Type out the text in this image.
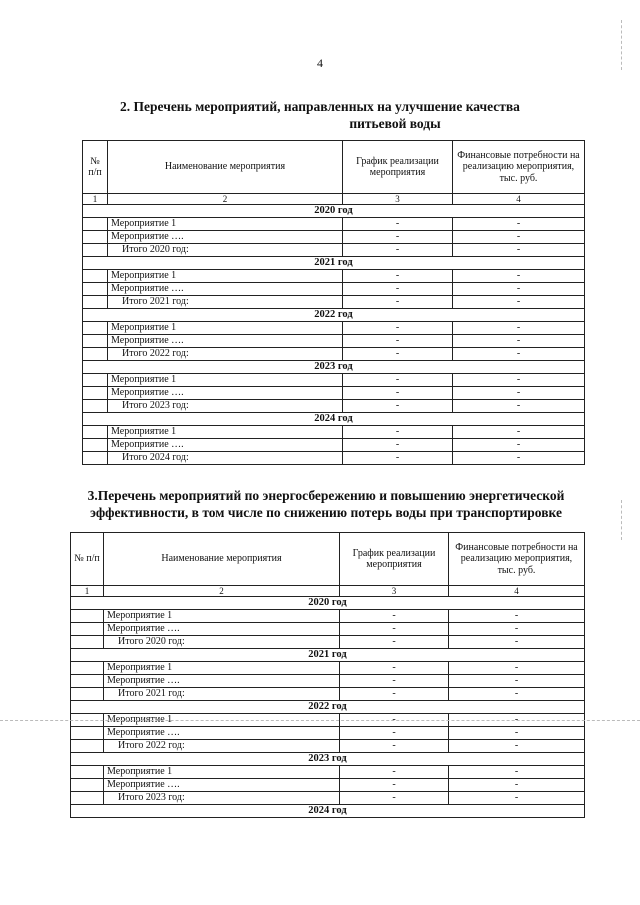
4
2. Перечень мероприятий, направленных на улучшение качества
питьевой воды
№ п/п	Наименование мероприятия	График реализации мероприятия	Финансовые потребности на реализацию мероприятия, тыс. руб.
1	2	3	4
2020 год			
	Мероприятие 1	-	-
	Мероприятие ….	-	-
	Итого 2020 год:	-	-
2021 год			
	Мероприятие 1	-	-
	Мероприятие ….	-	-
	Итого 2021 год:	-	-
2022 год			
	Мероприятие 1	-	-
	Мероприятие ….	-	-
	Итого 2022 год:	-	-
2023 год			
	Мероприятие 1	-	-
	Мероприятие ….	-	-
	Итого 2023 год:	-	-
2024 год			
	Мероприятие 1	-	-
	Мероприятие ….	-	-
	Итого 2024 год:	-	-
3.Перечень мероприятий по энергосбережению и повышению энергетической
эффективности, в том числе по снижению потерь воды при транспортировке
№ п/п	Наименование мероприятия	График реализации мероприятия	Финансовые потребности на реализацию мероприятия, тыс. руб.
1	2	3	4
2020 год			
	Мероприятие 1	-	-
	Мероприятие ….	-	-
	Итого 2020 год:	-	-
2021 год			
	Мероприятие 1	-	-
	Мероприятие ….	-	-
	Итого 2021 год:	-	-
2022 год			
	Мероприятие 1	-	-
	Мероприятие ….	-	-
	Итого 2022 год:	-	-
2023 год			
	Мероприятие 1	-	-
	Мероприятие ….	-	-
	Итого 2023 год:	-	-
2024 год			
